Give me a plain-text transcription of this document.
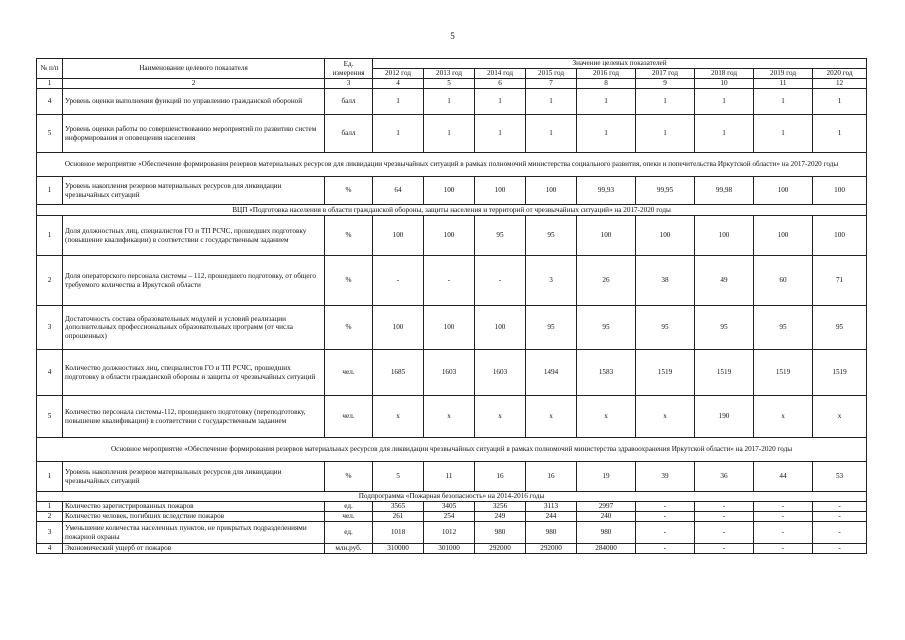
5
№ п/п	Наименование целевого показателя	Ед. измерения	Значение целевых показателей								
			2012 год	2013 год	2014 год	2015 год	2016 год	2017 год	2018 год	2019 год	2020 год
1	2	3	4	5	6	7	8	9	10	11	12
4	Уровень оценки выполнения функций по управлению гражданской обороной	балл	1	1	1	1	1	1	1	1	1
5	Уровень оценки работы по совершенствованию мероприятий по развитию систем информирования и оповещения населения	балл	1	1	1	1	1	1	1	1	1
Основное мероприятие «Обеспечение формирования резервов материальных ресурсов для ликвидации чрезвычайных ситуаций в рамках полномочий министерства социального развития, опеки и попечительства Иркутской области» на 2017-2020 годы											
1	Уровень накопления резервов материальных ресурсов для ликвидации чрезвычайных ситуаций	%	64	100	100	100	99,93	99,95	99,98	100	100
ВЦП «Подготовка населения в области гражданской обороны, защиты населения и территорий от чрезвычайных ситуаций» на 2017-2020 годы											
1	Доля должностных лиц, специалистов ГО и ТП РСЧС, прошедших подготовку (повышение квалификации) в соответствии с государственным заданием	%	100	100	95	95	100	100	100	100	100
2	Доля операторского персонала системы – 112, прошедшего подготовку, от общего требуемого количества в Иркутской области	%	-	-	-	3	26	38	49	60	71
3	Достаточность состава образовательных модулей и условий реализации дополнительных профессиональных образовательных программ (от числа опрошенных)	%	100	100	100	95	95	95	95	95	95
4	Количество должностных лиц, специалистов ГО и ТП РСЧС, прошедших подготовку в области гражданской обороны и защиты от чрезвычайных ситуаций	чел.	1685	1603	1603	1494	1583	1519	1519	1519	1519
5	Количество персонала системы-112, прошедшего подготовку (переподготовку, повышение квалификации) в соответствии с государственным заданием	чел.	x	x	x	x	x	x	190	x	x
Основное мероприятие «Обеспечение формирования резервов материальных ресурсов для ликвидации чрезвычайных ситуаций в рамках полномочий министерства здравоохранения Иркутской области» на 2017-2020 годы											
1	Уровень накопления резервов материальных ресурсов для ликвидации чрезвычайных ситуаций	%	5	11	16	16	19	39	36	44	53
Подпрограмма «Пожарная безопасность» на 2014-2016 годы											
1	Количество зарегистрированных пожаров	ед.	3565	3405	3256	3113	2997	-	-	-	-
2	Количество человек, погибших вследствие пожаров	чел.	261	254	249	244	240	-	-	-	-
3	Уменьшение количества населенных пунктов, не прикрытых подразделениями пожарной охраны	ед.	1018	1012	980	980	980	-	-	-	-
4	Экономический ущерб от пожаров	млн.руб.	310000	301000	292000	292000	284000	-	-	-	-
